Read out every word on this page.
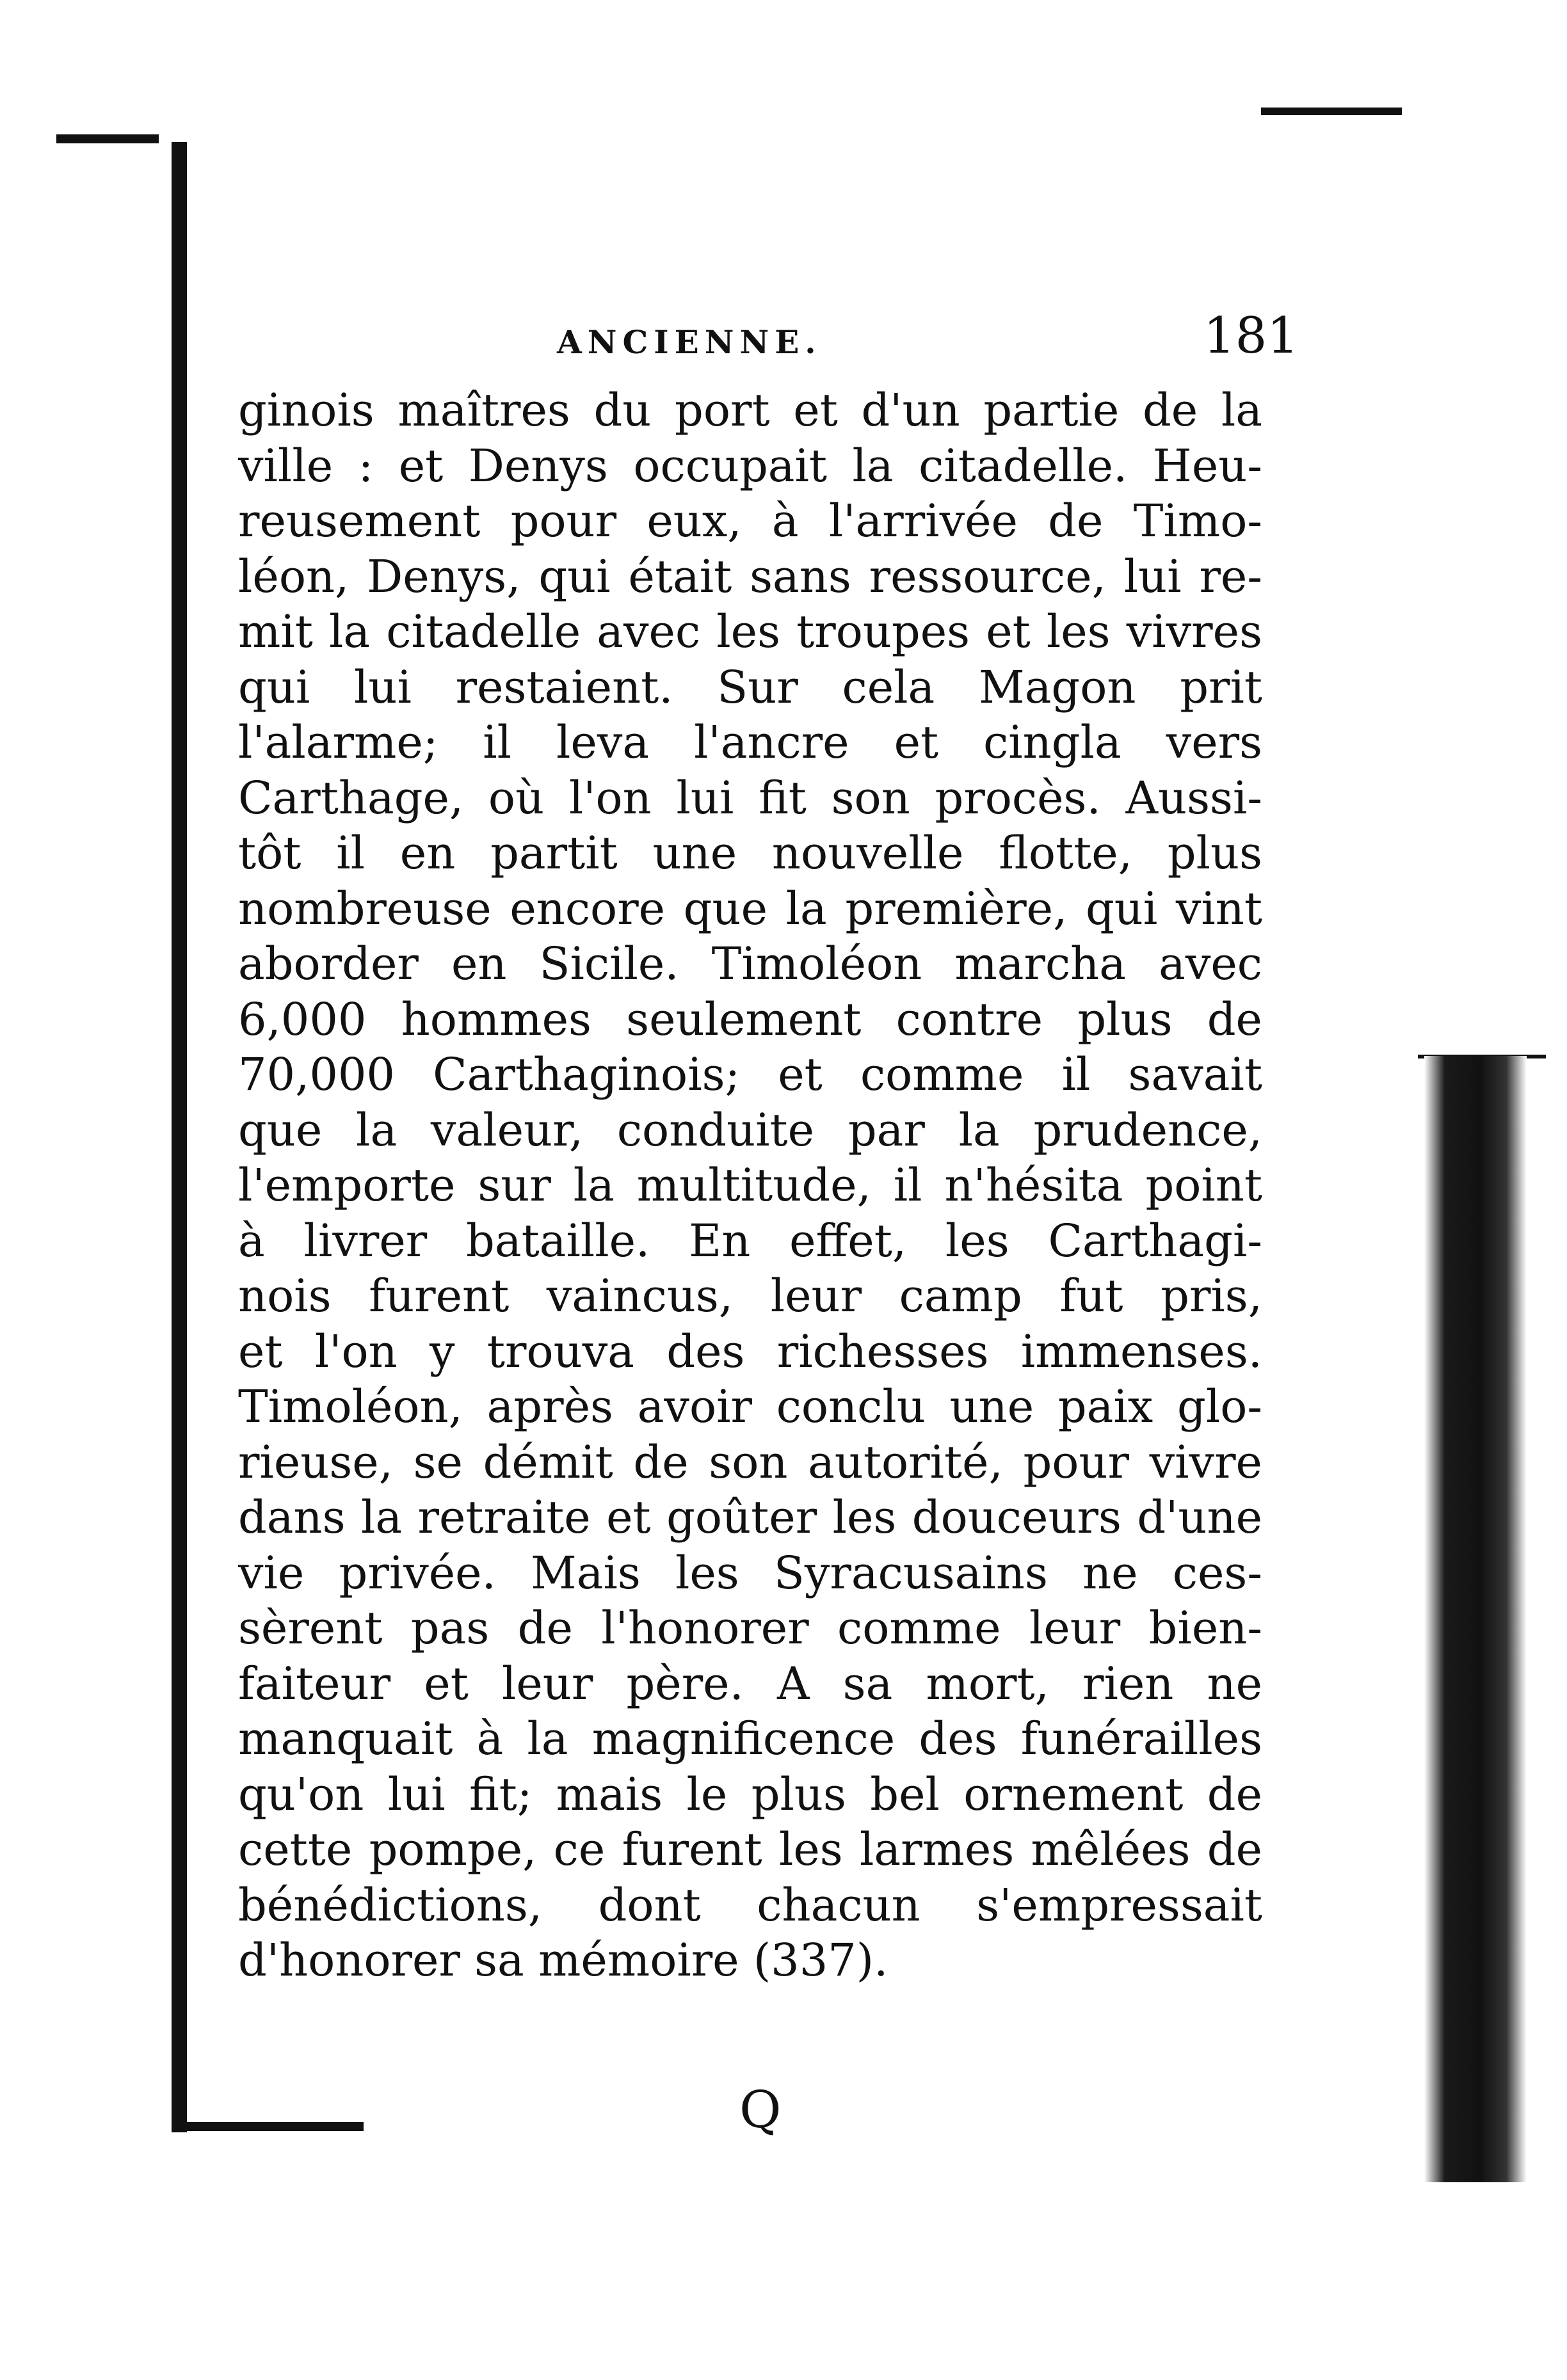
ANCIENNE.	181
ginois maîtres du port et d'un partie de la
ville : et Denys occupait la citadelle. Heu-
reusement pour eux, à l'arrivée de Timo-
léon, Denys, qui était sans ressource, lui re-
mit la citadelle avec les troupes et les vivres
qui lui restaient. Sur cela Magon prit
l'alarme; il leva l'ancre et cingla vers
Carthage, où l'on lui fit son procès. Aussi-
tôt il en partit une nouvelle flotte, plus
nombreuse encore que la première, qui vint
aborder en Sicile. Timoléon marcha avec
6,000 hommes seulement contre plus de
70,000 Carthaginois; et comme il savait
que la valeur, conduite par la prudence,
l'emporte sur la multitude, il n'hésita point
à livrer bataille. En effet, les Carthagi-
nois furent vaincus, leur camp fut pris,
et l'on y trouva des richesses immenses.
Timoléon, après avoir conclu une paix glo-
rieuse, se démit de son autorité, pour vivre
dans la retraite et goûter les douceurs d'une
vie privée. Mais les Syracusains ne ces-
sèrent pas de l'honorer comme leur bien-
faiteur et leur père. A sa mort, rien ne
manquait à la magnificence des funérailles
qu'on lui fit; mais le plus bel ornement de
cette pompe, ce furent les larmes mêlées de
bénédictions, dont chacun s'empressait
d'honorer sa mémoire (337).
Q
